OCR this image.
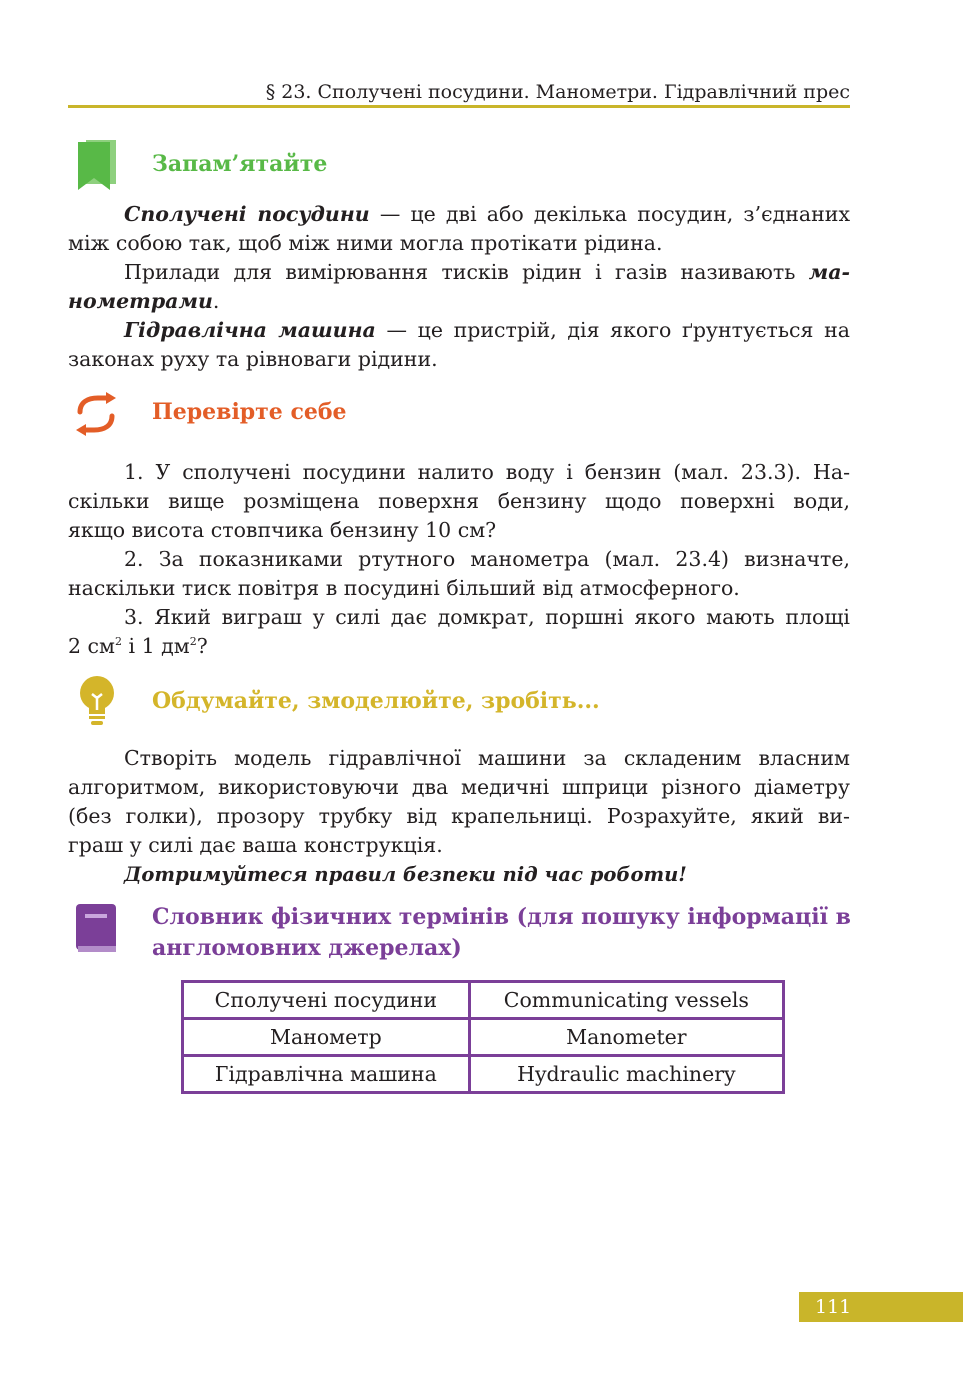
§ 23. Сполучені посудини. Манометри. Гідравлічний прес
Запам’ятайте
Сполучені посудини — це дві або декілька посудин, з’єднаних
між собою так, щоб між ними могла протікати рідина.
Прилади для вимірювання тисків рідин і газів називають ма-
нометрами.
Гідравлічна машина — це пристрій, дія якого ґрунтується на
законах руху та рівноваги рідини.
Перевірте себе
1. У сполучені посудини налито воду і бензин (мал. 23.3). На-
скільки вище розміщена поверхня бензину щодо поверхні води,
якщо висота стовпчика бензину 10 см?
2. За показниками ртутного манометра (мал. 23.4) визначте,
наскільки тиск повітря в посудині більший від атмосферного.
3. Який виграш у силі дає домкрат, поршні якого мають площі
2 $см^2$ і 1 $дм^2$?
Обдумайте, змоделюйте, зробіть...
Створіть модель гідравлічної машини за складеним власним
алгоритмом, використовуючи два медичні шприци різного діаметру
(без голки), прозору трубку від крапельниці. Розрахуйте, який ви-
граш у силі дає ваша конструкція.
Дотримуйтеся правил безпеки під час роботи!
Словник фізичних термінів (для пошуку інформації в
англомовних джерелах)
Сполучені посудини	Communicating vessels
Манометр	Manometer
Гідравлічна машина	Hydraulic machinery
111
